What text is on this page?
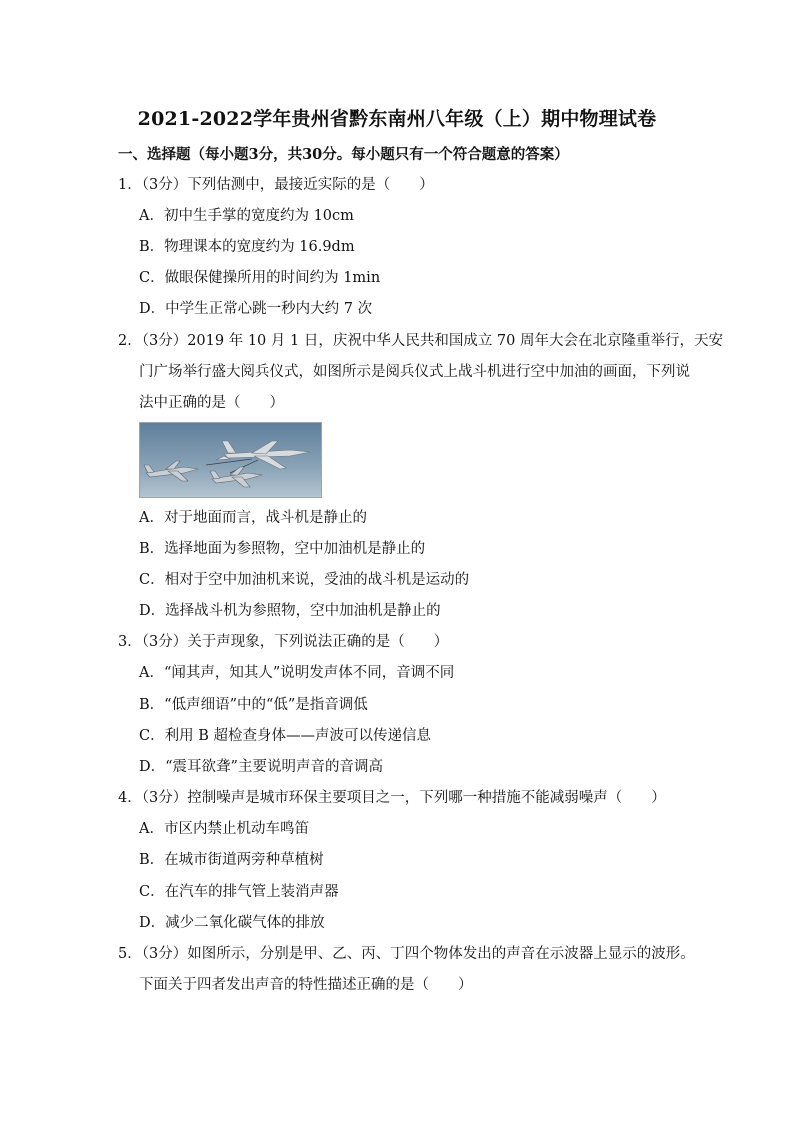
2021-2022学年贵州省黔东南州八年级（上）期中物理试卷
一、选择题（每小题3分，共30分。每小题只有一个符合题意的答案）
1．（3分）下列估测中，最接近实际的是（　　）
A．初中生手掌的宽度约为 10cm
B．物理课本的宽度约为 16.9dm
C．做眼保健操所用的时间约为 1min
D．中学生正常心跳一秒内大约 7 次
2．（3分）2019 年 10 月 1 日，庆祝中华人民共和国成立 70 周年大会在北京隆重举行，天安
门广场举行盛大阅兵仪式，如图所示是阅兵仪式上战斗机进行空中加油的画面，下列说
法中正确的是（　　）
A．对于地面而言，战斗机是静止的
B．选择地面为参照物，空中加油机是静止的
C．相对于空中加油机来说，受油的战斗机是运动的
D．选择战斗机为参照物，空中加油机是静止的
3．（3分）关于声现象，下列说法正确的是（　　）
A．“闻其声，知其人”说明发声体不同，音调不同
B．“低声细语”中的“低”是指音调低
C．利用 B 超检查身体——声波可以传递信息
D．“震耳欲聋”主要说明声音的音调高
4．（3分）控制噪声是城市环保主要项目之一，下列哪一种措施不能减弱噪声（　　）
A．市区内禁止机动车鸣笛
B．在城市街道两旁种草植树
C．在汽车的排气管上装消声器
D．减少二氧化碳气体的排放
5．（3分）如图所示，分别是甲、乙、丙、丁四个物体发出的声音在示波器上显示的波形。
下面关于四者发出声音的特性描述正确的是（　　）
